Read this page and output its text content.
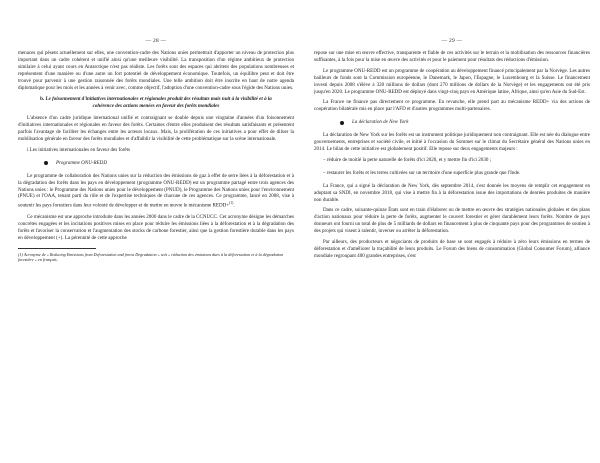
— 28 —

menaces qui pèsent actuellement sur elles, une convention-cadre des Nations unies permettrait d'apporter un niveau de protection plus important dans un cadre cohérent et unifié ainsi qu'une meilleure visibilité. La transposition d'un régime ambitieux de protection similaire à celui ayant cours en Antarctique n'est pas réaliste. Les forêts sont des espaces qui abritent des populations nombreuses et représentent d'une manière ou d'une autre un fort potentiel de développement économique. Toutefois, un équilibre peut et doit être trouvé pour parvenir à une gestion raisonnée des forêts mondiales. Une telle ambition doit être inscrite en haut de notre agenda diplomatique pour les mois et les années à venir avec, comme objectif, l'adoption d'une convention-cadre sous l'égide des Nations unies.

b. Le foisonnement d'initiatives internationales et régionales produit des résultats mais nuit à la visibilité et à la cohérence des actions menées en faveur des forêts mondiales

L'absence d'un cadre juridique international unifié et contraignant se double depuis une vingtaine d'années d'un foisonnement d'initiatives internationales et régionales en faveur des forêts. Certaines d'entre elles produisent des résultats satisfaisants et présentent parfois l'avantage de faciliter les échanges entre les acteurs locaux. Mais, la prolifération de ces initiatives a pour effet de diluer la mobilisation générale en faveur des forêts mondiales et d'affaiblir la visibilité de cette problématique sur la scène internationale.

i Les initiatives internationales en faveur des forêts
Programme ONU-REDD

Le programme de collaboration des Nations unies sur la réduction des émissions de gaz à effet de serre liées à la déforestation et à la dégradation des forêts dans les pays en développement (programme ONU-REDD) est un programme partagé entre trois agences des Nations unies : le Programme des Nations unies pour le développement (PNUD), le Programme des Nations unies pour l'environnement (PNUE) et l'OAA, tenant parti du rôle et de l'expertise techniques de chacune de ces agences. Ce programme, lancé en 2008, vise à soutenir les pays forestiers dans leur volonté de développer et de mettre en œuvre le mécanisme REDD+$^{(1)}$.

Ce mécanisme est une approche introduite dans les années 2000 dans le cadre de la CCNUCC. Cet acronyme désigne les démarches concrètes engagées et les incitations positives mises en place pour réduire les émissions liées à la déforestation et à la dégradation des forêts et favoriser la conservation et l'augmentation des stocks de carbone forestier, ainsi que la gestion forestière durable dans les pays en développement (+). La pérennité de cette approche

(1) Acronyme de « Reducing Emissions from Deforestation and forest Degradation » soit « réduction des émissions dues à la déforestation et à la dégradation forestière » en français.
— 29 —

repose sur une mise en œuvre effective, transparente et fiable de ces activités sur le terrain et la mobilisation des ressources financières suffisantes, à la fois pour la mise en œuvre des activités et pour le paiement pour résultats des réductions d'émission.

Le programme ONU-REDD est un programme de coopération au développement financé principalement par la Norvège. Les autres bailleurs de fonds sont la Commission européenne, le Danemark, le Japon, l'Espagne, le Luxembourg et la Suisse. Le financement investi depuis 2008 s'élève à 320 millions de dollars (dont 270 millions de dollars de la Norvège) et les engagements ont été pris jusqu'en 2020. Le programme ONU-REDD est déployé dans vingt-cinq pays en Amérique latine, Afrique, ainsi qu'en Asie du Sud-Est.

La France ne finance pas directement ce programme. En revanche, elle prend part au mécanisme REDD+ via des actions de coopération bilatérale mis en place par l'AFD et d'autres programmes multi-partenaires.

La déclaration de New York

La déclaration de New York sur les forêts est un instrument politique juridiquement non contraignant. Elle est née du dialogue entre gouvernements, entreprises et société civile, et initié à l'occasion du Sommet sur le climat du Secrétaire général des Nations unies en 2014. Le bilan de cette initiative est globalement positif. Elle repose sur deux engagements majeurs :

– réduire de moitié la perte naturelle de forêts d'ici 2020, et y mettre fin d'ici 2030 ;
– restaurer les forêts et les terres cultivées sur un territoire d'une superficie plus grande que l'Inde.

La France, qui a signé la déclaration de New York, dès septembre 2014, s'est donnée les moyens de remplir cet engagement en adoptant sa SNDI, en novembre 2018, qui vise à mettre fin à la déforestation issue des importations de denrées produites de manière non durable.

Dans ce cadre, soixante-quinze États sont en train d'élaborer ou de mettre en œuvre des stratégies nationales globales et des plans d'action nationaux pour réduire la perte de forêts, augmenter le couvert forestier et gérer durablement leurs forêts. Nombre de pays donneurs ont fourni un total de plus de 5 milliards de dollars en financement à plus de cinquante pays pour des programmes de soutien à des projets qui visent à ralentir, inverser ou arrêter la déforestation.

Par ailleurs, des producteurs et négociants de produits de base se sont engagés à réduire à zéro leurs émissions en termes de déforestation et d'améliorer la traçabilité de leurs produits. Le Forum des biens de consommation (Global Consumer Forum), alliance mondiale regroupant 400 grandes entreprises, s'est
